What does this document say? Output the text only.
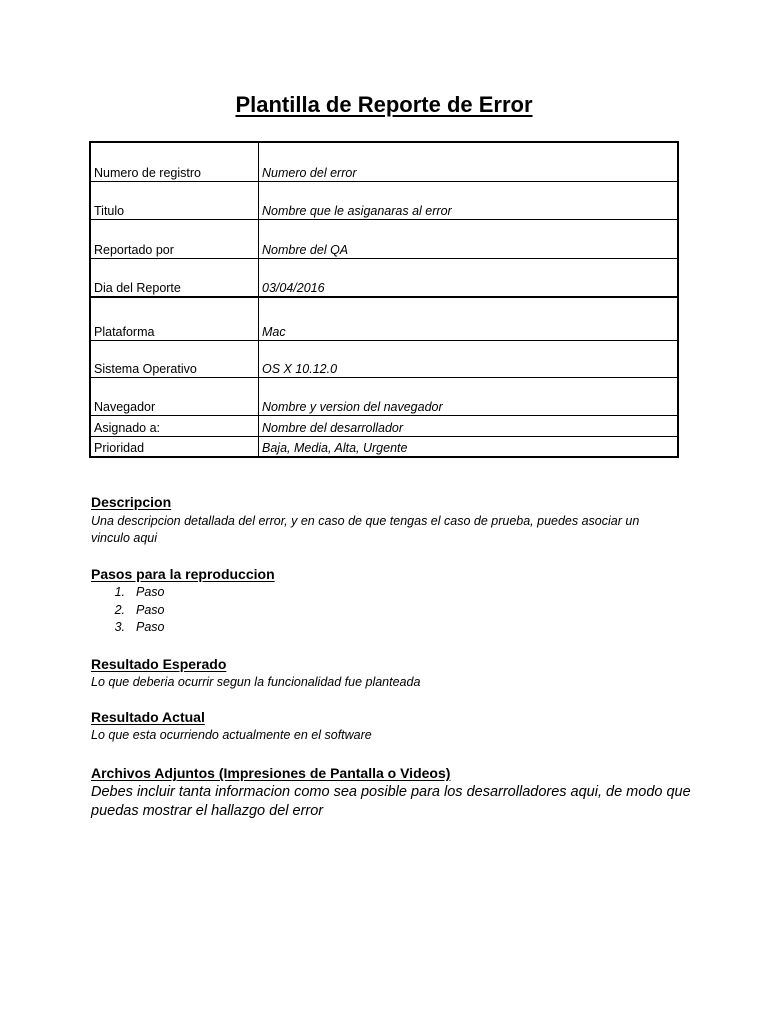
Plantilla de Reporte de Error
Numero de registro	Numero del error
Titulo	Nombre que le asiganaras al error
Reportado por	Nombre del QA
Dia del Reporte	03/04/2016
Plataforma	Mac
Sistema Operativo	OS X 10.12.0
Navegador	Nombre y version del navegador
Asignado a:	Nombre del desarrollador
Prioridad	Baja, Media, Alta, Urgente
Descripcion

Una descripcion detallada del error, y en caso de que tengas el caso de prueba, puedes asociar un vinculo aqui

Pasos para la reproduccion
1. Paso
2. Paso
3. Paso
Resultado Esperado

Lo que deberia ocurrir segun la funcionalidad fue planteada

Resultado Actual

Lo que esta ocurriendo actualmente en el software

Archivos Adjuntos (Impresiones de Pantalla o Videos)

Debes incluir tanta informacion como sea posible para los desarrolladores aqui, de modo que puedas mostrar el hallazgo del error
